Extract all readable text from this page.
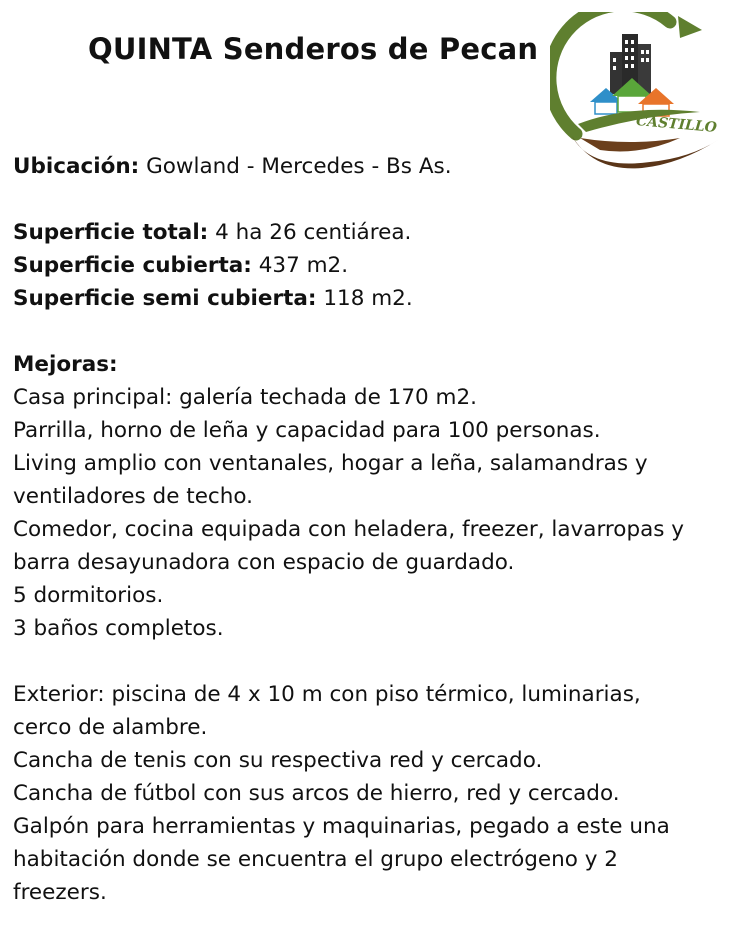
QUINTA Senderos de Pecan
CASTILLO
Ubicación: Gowland - Mercedes - Bs As.
Superficie total: 4 ha 26 centiárea.
Superficie cubierta: 437 m2.
Superficie semi cubierta: 118 m2.
Mejoras:
Casa principal: galería techada de 170 m2.
Parrilla, horno de leña y capacidad para 100 personas.
Living amplio con ventanales, hogar a leña, salamandras y
ventiladores de techo.
Comedor, cocina equipada con heladera, freezer, lavarropas y
barra desayunadora con espacio de guardado.
5 dormitorios.
3 baños completos.
Exterior: piscina de 4 x 10 m con piso térmico, luminarias,
cerco de alambre.
Cancha de tenis con su respectiva red y cercado.
Cancha de fútbol con sus arcos de hierro, red y cercado.
Galpón para herramientas y maquinarias, pegado a este una
habitación donde se encuentra el grupo electrógeno y 2
freezers.
